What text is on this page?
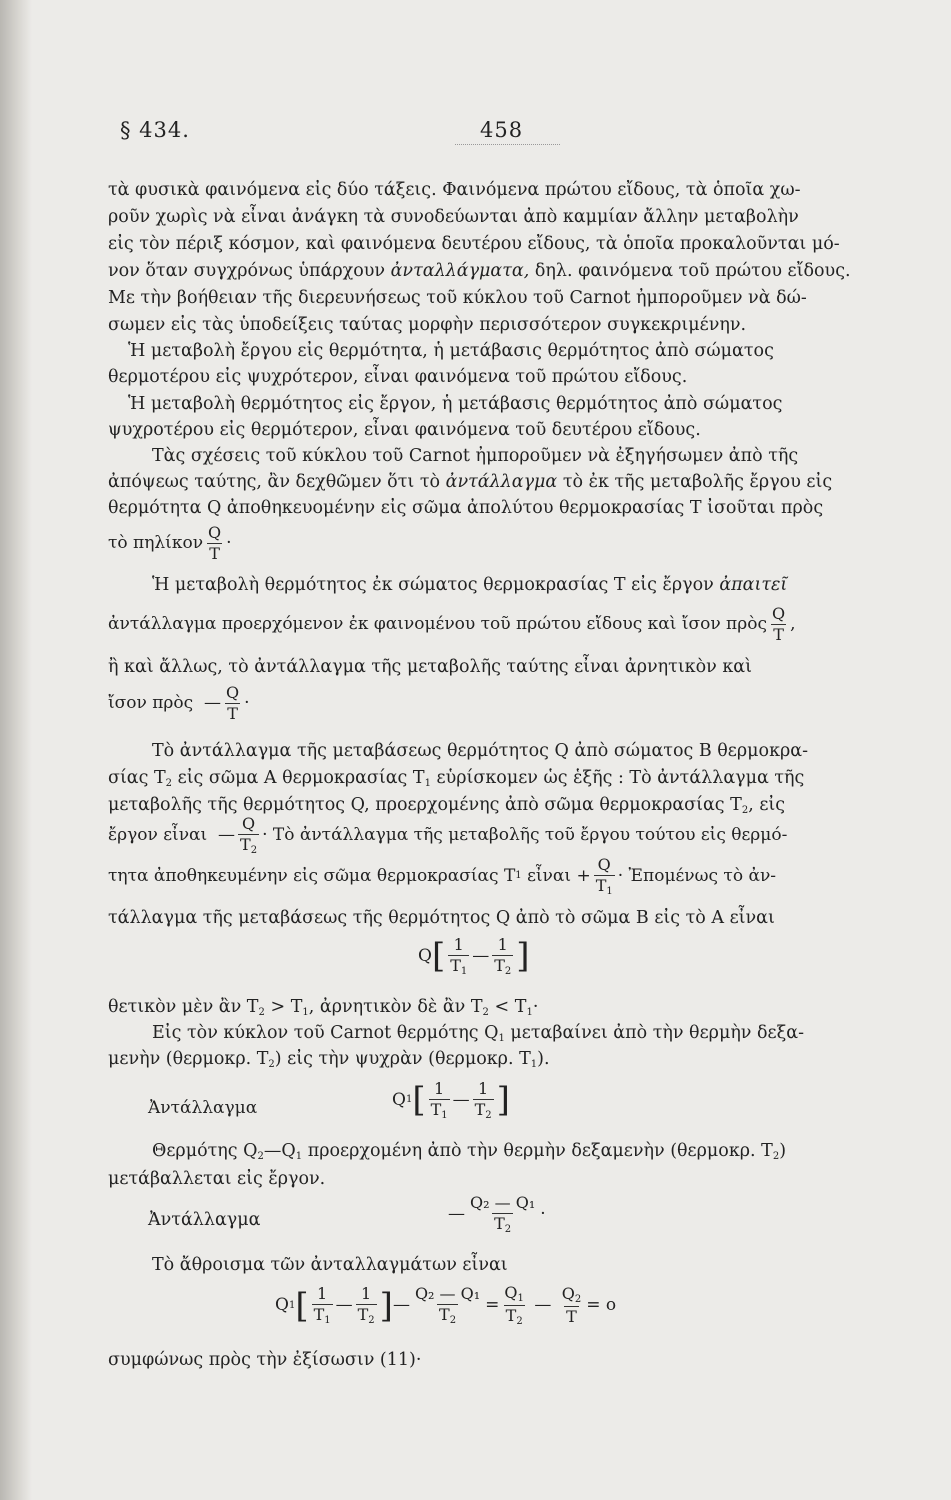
§ 434.	458
τὰ φυσικὰ φαινόμενα εἰς δύο τάξεις. Φαινόμενα πρώτου εἴδους, τὰ ὁποῖα χω-
ροῦν χωρὶς νὰ εἶναι ἀνάγκη τὰ συνοδεύωνται ἀπὸ καμμίαν ἄλλην μεταβολὴν
εἰς τὸν πέριξ κόσμον, καὶ φαινόμενα δευτέρου εἴδους, τὰ ὁποῖα προκαλοῦνται μό-
νον ὅταν συγχρόνως ὑπάρχουν ἀνταλλάγματα, δηλ. φαινόμενα τοῦ πρώτου εἴδους.
Με τὴν βοήθειαν τῆς διερευνήσεως τοῦ κύκλου τοῦ Carnot ἠμποροῦμεν νὰ δώ-
σωμεν εἰς τὰς ὑποδείξεις ταύτας μορφὴν περισσότερον συγκεκριμένην.
Ἡ μεταβολὴ ἔργου εἰς θερμότητα, ἡ μετάβασις θερμότητος ἀπὸ σώματος
θερμοτέρου εἰς ψυχρότερον, εἶναι φαινόμενα τοῦ πρώτου εἴδους.
Ἡ μεταβολὴ θερμότητος εἰς ἔργον, ἡ μετάβασις θερμότητος ἀπὸ σώματος
ψυχροτέρου εἰς θερμότερον, εἶναι φαινόμενα τοῦ δευτέρου εἴδους.
Τὰς σχέσεις τοῦ κύκλου τοῦ Carnot ἠμποροῦμεν νὰ ἐξηγήσωμεν ἀπὸ τῆς
ἀπόψεως ταύτης, ἂν δεχθῶμεν ὅτι τὸ ἀντάλλαγμα τὸ ἐκ τῆς μεταβολῆς ἔργου εἰς
θερμότητα Q ἀποθηκευομένην εἰς σῶμα ἀπολύτου θερμοκρασίας T ἰσοῦται πρὸς
τὸ πηλίκον $\frac{Q}{T}$ ·
Ἡ μεταβολὴ θερμότητος ἐκ σώματος θερμοκρασίας T εἰς ἔργον ἀπαιτεῖ
ἀντάλλαγμα προερχόμενον ἐκ φαινομένου τοῦ πρώτου εἴδους καὶ ἴσον πρὸς $\frac{Q}{T}$ ,
ἢ καὶ ἄλλως, τὸ ἀντάλλαγμα τῆς μεταβολῆς ταύτης εἶναι ἀρνητικὸν καὶ
ἴσον πρὸς
— $\frac{Q}{T}$ ·
Τὸ ἀντάλλαγμα τῆς μεταβάσεως θερμότητος Q ἀπὸ σώματος B θερμοκρα-
σίας $T_2$ εἰς σῶμα A θερμοκρασίας $T_1$ εὑρίσκομεν ὡς ἑξῆς : Τὸ ἀντάλλαγμα τῆς
μεταβολῆς τῆς θερμότητος Q, προερχομένης ἀπὸ σῶμα θερμοκρασίας $T_2$, εἰς
ἔργον εἶναι
— $\frac{Q}{T_2}$ ·
Τὸ ἀντάλλαγμα τῆς μεταβολῆς τοῦ ἔργου τούτου εἰς θερμό-
τητα ἀποθηκευμένην εἰς σῶμα θερμοκρασίας T 1
εἶναι
+ $\frac{Q}{T_1}$ ·
Ἐπομένως τὸ ἀν-
τάλλαγμα τῆς μεταβάσεως τῆς θερμότητος Q ἀπὸ τὸ σῶμα B εἰς τὸ A εἶναι
Q [ $\frac{1}{T_1}$ — $\frac{1}{T_2}$ ]
θετικὸν μὲν ἂν $T_2 > T_1$, ἀρνητικὸν δὲ ἂν $T_2 < T_1\cdot$
Εἰς τὸν κύκλον τοῦ Carnot θερμότης $Q_1$ μεταβαίνει ἀπὸ τὴν θερμὴν δεξα-
μενὴν (θερμοκρ. $T_2$) εἰς τὴν ψυχρὰν (θερμοκρ. $T_1$).
Ἀντάλλαγμα	Q 1 [ $\frac{1}{T_1}$ — $\frac{1}{T_2}$ ]
Θερμότης $Q_2—Q_1$ προερχομένη ἀπὸ τὴν θερμὴν δεξαμενὴν (θερμοκρ. $T_2$)
μετάβαλλεται εἰς ἔργον.
Ἀντάλλαγμα	— $\frac{\text{Q₂ — Q₁}}{T_2}$ ·
Τὸ ἄθροισμα τῶν ἀνταλλαγμάτων εἶναι
Q 1 [ $\frac{1}{T_1}$ — $\frac{1}{T_2}$ ] — $\frac{\text{Q₂ — Q₁}}{T_2} = \frac{Q_1}{T_2}$
—
$\frac{Q_2}{T}$ =
o
συμφώνως πρὸς τὴν ἐξίσωσιν (11)·
